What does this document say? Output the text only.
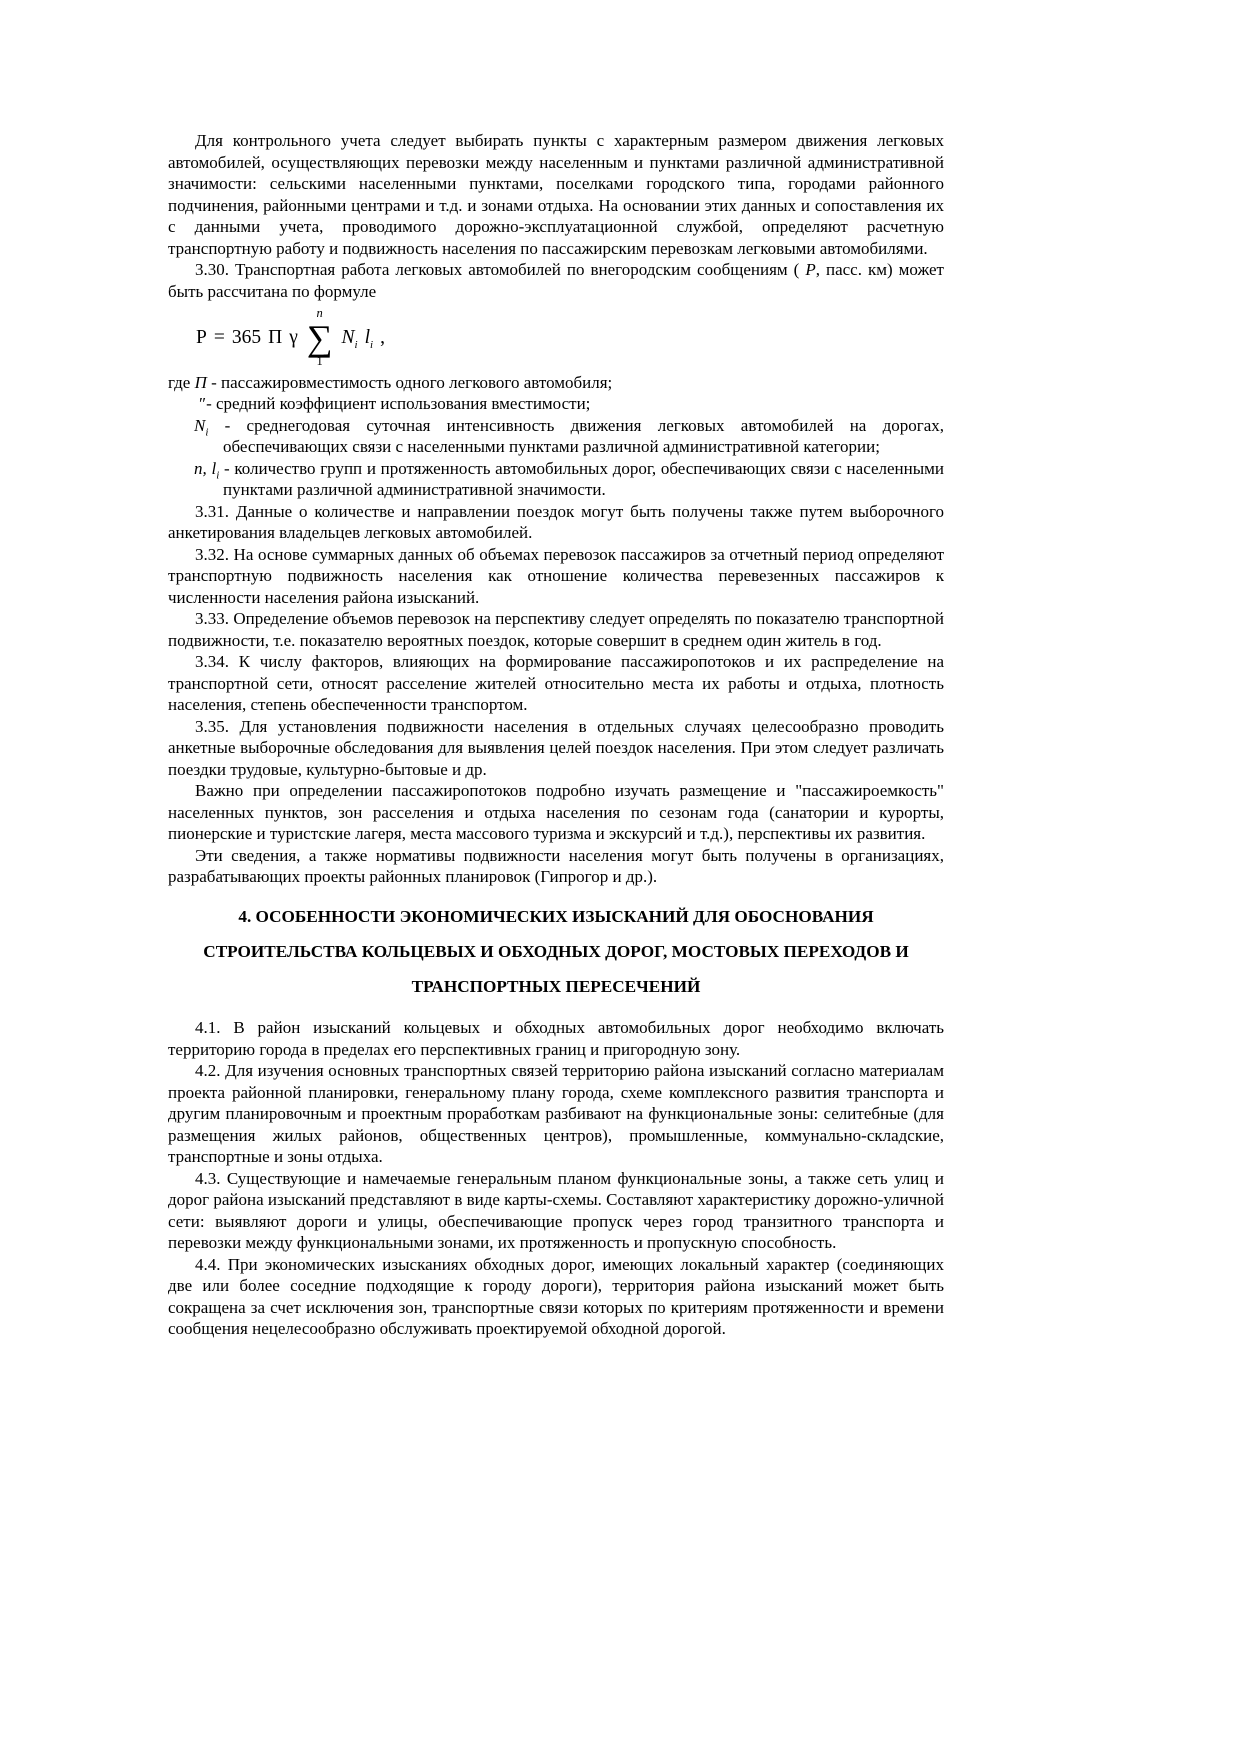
Для контрольного учета следует выбирать пункты с характерным размером движения легковых автомобилей, осуществляющих перевозки между населенным и пунктами различной административной значимости: сельскими населенными пунктами, поселками городского типа, городами районного подчинения, районными центрами и т.д. и зонами отдыха. На основании этих данных и сопоставления их с данными учета, проводимого дорожно-эксплуатационной службой, определяют расчетную транспортную работу и подвижность населения по пассажирским перевозкам легковыми автомобилями.

3.30. Транспортная работа легковых автомобилей по внегородским сообщениям ( Р, пасс. км) может быть рассчитана по формуле

P = 365 П γ
n
∑
1
$N_i$ $l_i$ ,

где П - пассажировместимость одного легкового автомобиля;

″- средний коэффициент использования вместимости;

$N_i$ - среднегодовая суточная интенсивность движения легковых автомобилей на дорогах, обеспечивающих связи с населенными пунктами различной административной категории;

n, $l_i$ - количество групп и протяженность автомобильных дорог, обеспечивающих связи с населенными пунктами различной административной значимости.

3.31. Данные о количестве и направлении поездок могут быть получены также путем выборочного анкетирования владельцев легковых автомобилей.

3.32. На основе суммарных данных об объемах перевозок пассажиров за отчетный период определяют транспортную подвижность населения как отношение количества перевезенных пассажиров к численности населения района изысканий.

3.33. Определение объемов перевозок на перспективу следует определять по показателю транспортной подвижности, т.е. показателю вероятных поездок, которые совершит в среднем один житель в год.

3.34. К числу факторов, влияющих на формирование пассажиропотоков и их распределение на транспортной сети, относят расселение жителей относительно места их работы и отдыха, плотность населения, степень обеспеченности транспортом.

3.35. Для установления подвижности населения в отдельных случаях целесообразно проводить анкетные выборочные обследования для выявления целей поездок населения. При этом следует различать поездки трудовые, культурно-бытовые и др.

Важно при определении пассажиропотоков подробно изучать размещение и "пассажироемкость" населенных пунктов, зон расселения и отдыха населения по сезонам года (санатории и курорты, пионерские и туристские лагеря, места массового туризма и экскурсий и т.д.), перспективы их развития.

Эти сведения, а также нормативы подвижности населения могут быть получены в организациях, разрабатывающих проекты районных планировок (Гипрогор и др.).

4. ОСОБЕННОСТИ ЭКОНОМИЧЕСКИХ ИЗЫСКАНИЙ ДЛЯ ОБОСНОВАНИЯ
СТРОИТЕЛЬСТВА КОЛЬЦЕВЫХ И ОБХОДНЫХ ДОРОГ, МОСТОВЫХ ПЕРЕХОДОВ И
ТРАНСПОРТНЫХ ПЕРЕСЕЧЕНИЙ

4.1. В район изысканий кольцевых и обходных автомобильных дорог необходимо включать территорию города в пределах его перспективных границ и пригородную зону.

4.2. Для изучения основных транспортных связей территорию района изысканий согласно материалам проекта районной планировки, генеральному плану города, схеме комплексного развития транспорта и другим планировочным и проектным проработкам разбивают на функциональные зоны: селитебные (для размещения жилых районов, общественных центров), промышленные, коммунально-складские, транспортные и зоны отдыха.

4.3. Существующие и намечаемые генеральным планом функциональные зоны, а также сеть улиц и дорог района изысканий представляют в виде карты-схемы. Составляют характеристику дорожно-уличной сети: выявляют дороги и улицы, обеспечивающие пропуск через город транзитного транспорта и перевозки между функциональными зонами, их протяженность и пропускную способность.

4.4. При экономических изысканиях обходных дорог, имеющих локальный характер (соединяющих две или более соседние подходящие к городу дороги), территория района изысканий может быть сокращена за счет исключения зон, транспортные связи которых по критериям протяженности и времени сообщения нецелесообразно обслуживать проектируемой обходной дорогой.
